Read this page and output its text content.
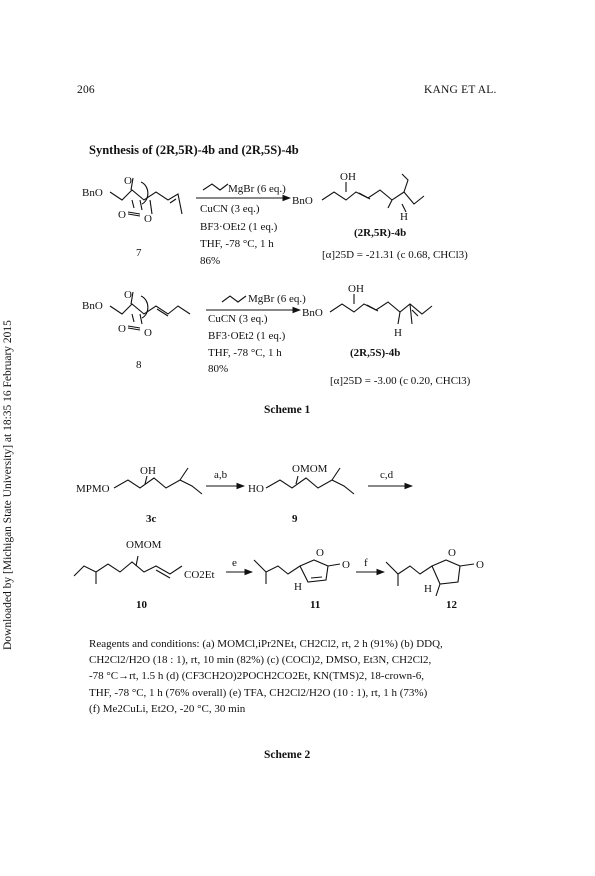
206	KANG ET AL.
Downloaded by [Michigan State University] at 18:35 16 February 2015
Synthesis of (2R,5R)-4b and (2R,5S)-4b
BnO
O
O O
7
MgBr (6 eq.)
CuCN (3 eq.)
BF3·OEt2 (1 eq.)
THF, -78 °C, 1 h
86%
BnO
OH
H
(2R,5R)-4b
[α]25D = -21.31 (c 0.68, CHCl3)
BnO
O
O O
8
MgBr (6 eq.)
CuCN (3 eq.)
BF3·OEt2 (1 eq.)
THF, -78 °C, 1 h
80%
BnO
OH
H
(2R,5S)-4b
[α]25D = -3.00 (c 0.20, CHCl3)
Scheme 1
MPMO
OH
3c
a,b
HO
OMOM
9
c,d
OMOM
CO2Et
10
e
O
O
H
11
f
O
O
H
12
Scheme 2
Reagents and conditions: (a) MOMCl,iPr2NEt, CH2Cl2, rt, 2 h (91%) (b) DDQ,
CH2Cl2/H2O (18 : 1), rt, 10 min (82%) (c) (COCl)2, DMSO, Et3N, CH2Cl2,
-78 °C→rt, 1.5 h (d) (CF3CH2O)2POCH2CO2Et, KN(TMS)2, 18-crown-6,
THF, -78 °C, 1 h (76% overall) (e) TFA, CH2Cl2/H2O (10 : 1), rt, 1 h (73%)
(f) Me2CuLi, Et2O, -20 °C, 30 min
